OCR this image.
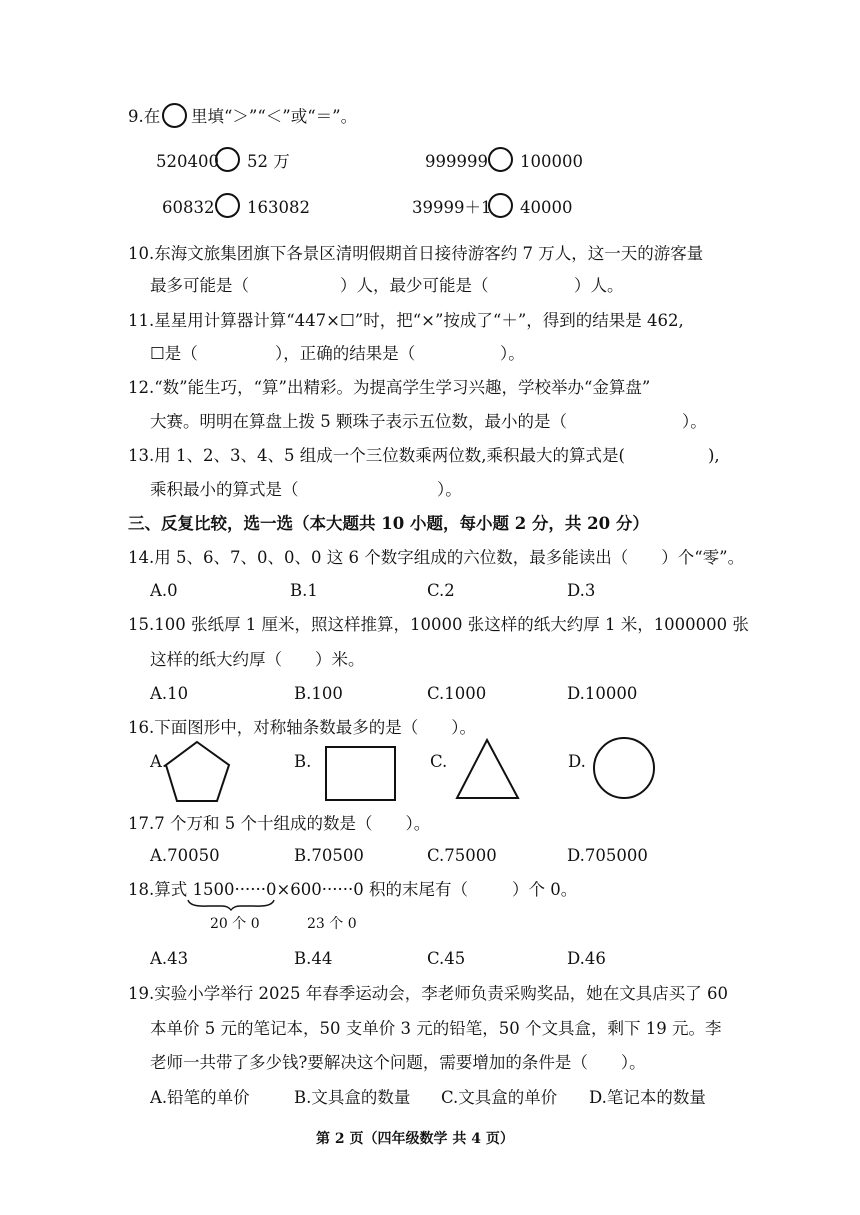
9.在 里填“＞”“＜”或“＝”。
520400 52 万	999999 100000
60832 163082	39999＋1 40000
10.东海文旅集团旗下各景区清明假期首日接待游客约 7 万人，这一天的游客量
最多可能是（	）人，最少可能是（	）人。
11.星星用计算器计算“447×☐”时，把“×”按成了“＋”，得到的结果是 462,
☐是（	），正确的结果是（	）。
12.“数”能生巧，“算”出精彩。为提高学生学习兴趣，学校举办“金算盘”
大赛。明明在算盘上拨 5 颗珠子表示五位数，最小的是（	）。
13.用 1、2、3、4、5 组成一个三位数乘两位数,乘积最大的算式是(	),
乘积最小的算式是（	）。
三、反复比较，选一选（本大题共 10 小题，每小题 2 分，共 20 分）
14.用 5、6、7、0、0、0 这 6 个数字组成的六位数，最多能读出（　　）个“零”。
A.0	B.1	C.2	D.3
15.100 张纸厚 1 厘米，照这样推算，10000 张这样的纸大约厚 1 米，1000000 张
这样的纸大约厚（　　）米。
A.10	B.100	C.1000	D.10000
16.下面图形中，对称轴条数最多的是（　　）。
A.	B.	C.	D.
17.7 个万和 5 个十组成的数是（　　）。
A.70050	B.70500	C.75000	D.705000
18.算式 1500······0×600······0 积的末尾有（	）个 0。
20 个 0	23 个 0
A.43	B.44	C.45	D.46
19.实验小学举行 2025 年春季运动会，李老师负责采购奖品，她在文具店买了 60
本单价 5 元的笔记本，50 支单价 3 元的铅笔，50 个文具盒，剩下 19 元。李
老师一共带了多少钱?要解决这个问题，需要增加的条件是（　　）。
A.铅笔的单价	B.文具盒的数量 C.文具盒的单价 D.笔记本的数量
第 2 页（四年级数学 共 4 页）
